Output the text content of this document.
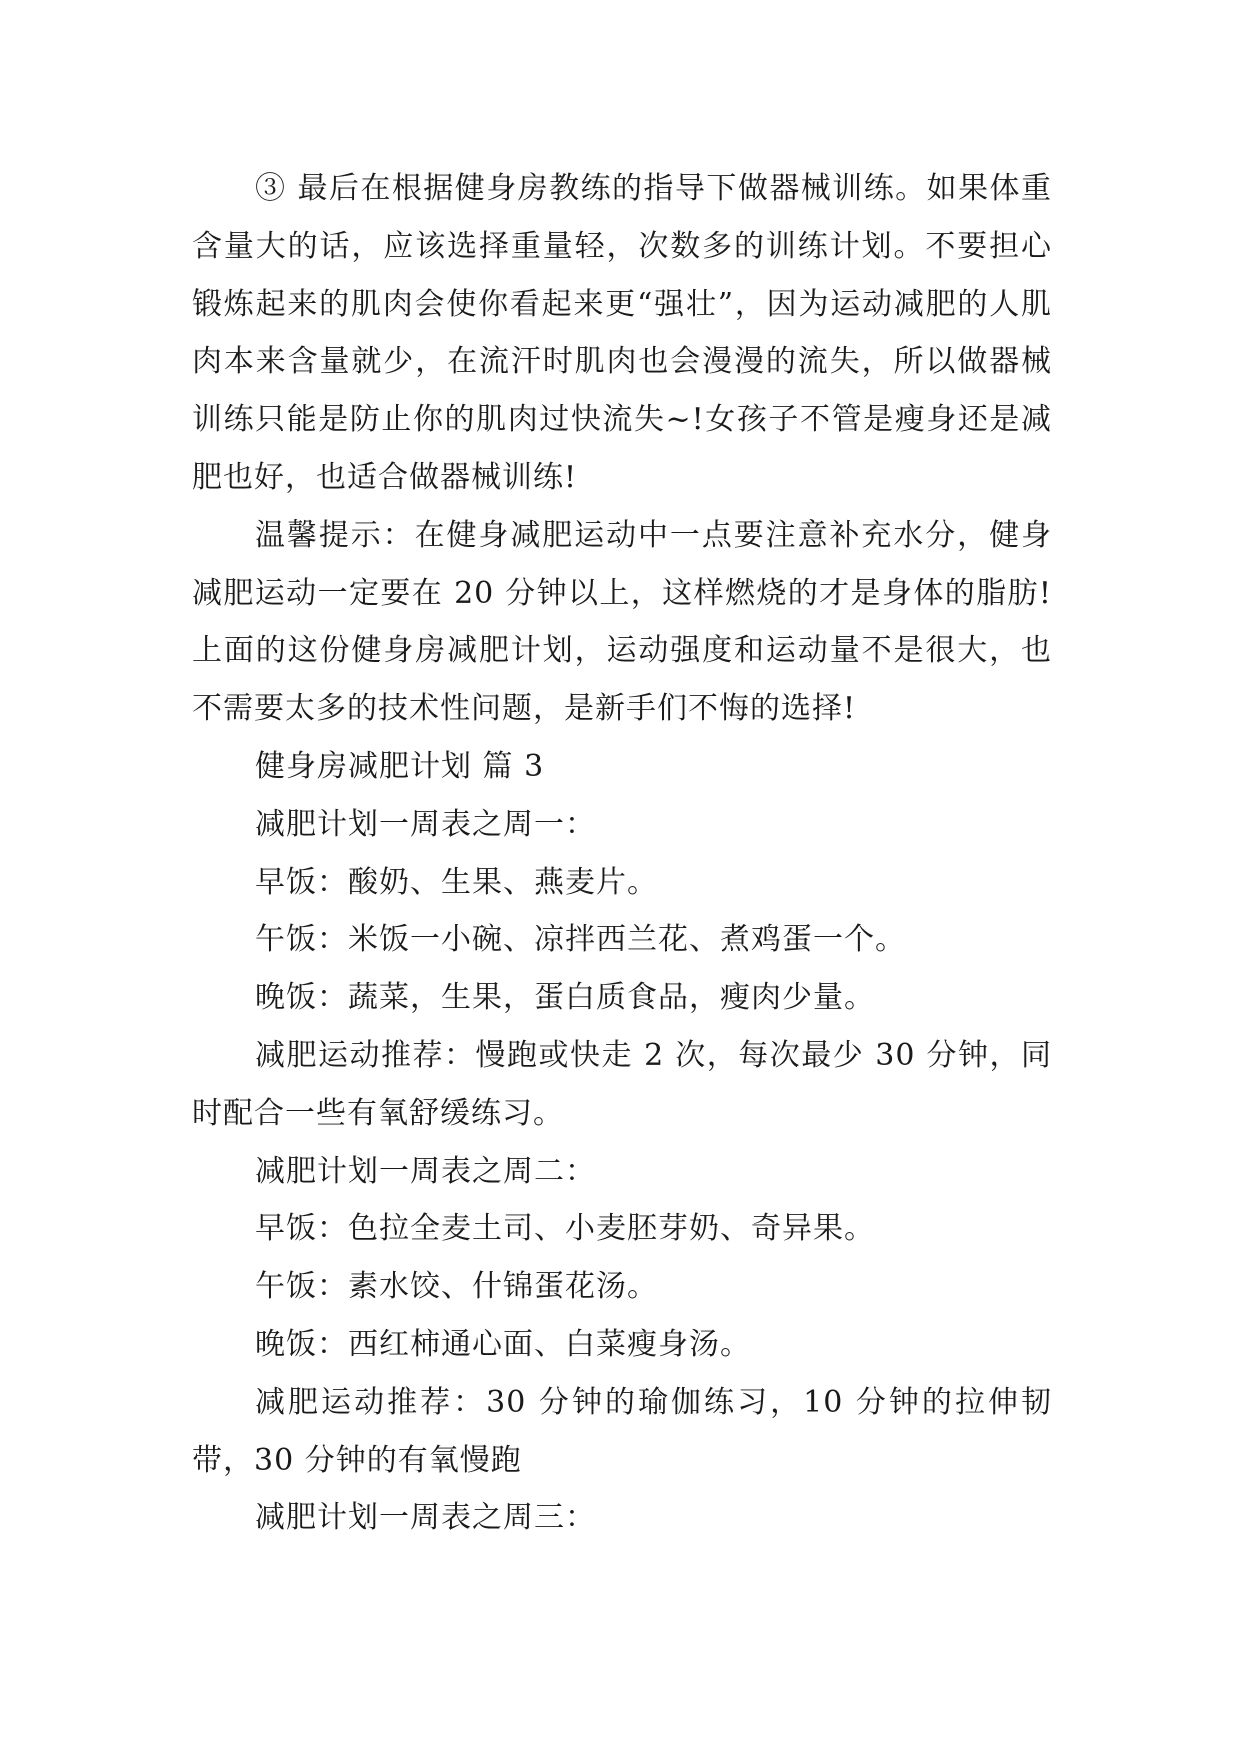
③ 最后在根据健身房教练的指导下做器械训练。如果体重含量大的话，应该选择重量轻，次数多的训练计划。不要担心锻炼起来的肌肉会使你看起来更“强壮”，因为运动减肥的人肌肉本来含量就少，在流汗时肌肉也会漫漫的流失，所以做器械训练只能是防止你的肌肉过快流失~!女孩子不管是瘦身还是减肥也好，也适合做器械训练!

温馨提示：在健身减肥运动中一点要注意补充水分，健身减肥运动一定要在 20 分钟以上，这样燃烧的才是身体的脂肪!上面的这份健身房减肥计划，运动强度和运动量不是很大，也不需要太多的技术性问题，是新手们不悔的选择!

健身房减肥计划 篇 3

减肥计划一周表之周一：

早饭：酸奶、生果、燕麦片。

午饭：米饭一小碗、凉拌西兰花、煮鸡蛋一个。

晚饭：蔬菜，生果，蛋白质食品，瘦肉少量。

减肥运动推荐：慢跑或快走 2 次，每次最少 30 分钟，同时配合一些有氧舒缓练习。

减肥计划一周表之周二：

早饭：色拉全麦土司、小麦胚芽奶、奇异果。

午饭：素水饺、什锦蛋花汤。

晚饭：西红柿通心面、白菜瘦身汤。

减肥运动推荐：30 分钟的瑜伽练习，10 分钟的拉伸韧带，30 分钟的有氧慢跑

减肥计划一周表之周三：
